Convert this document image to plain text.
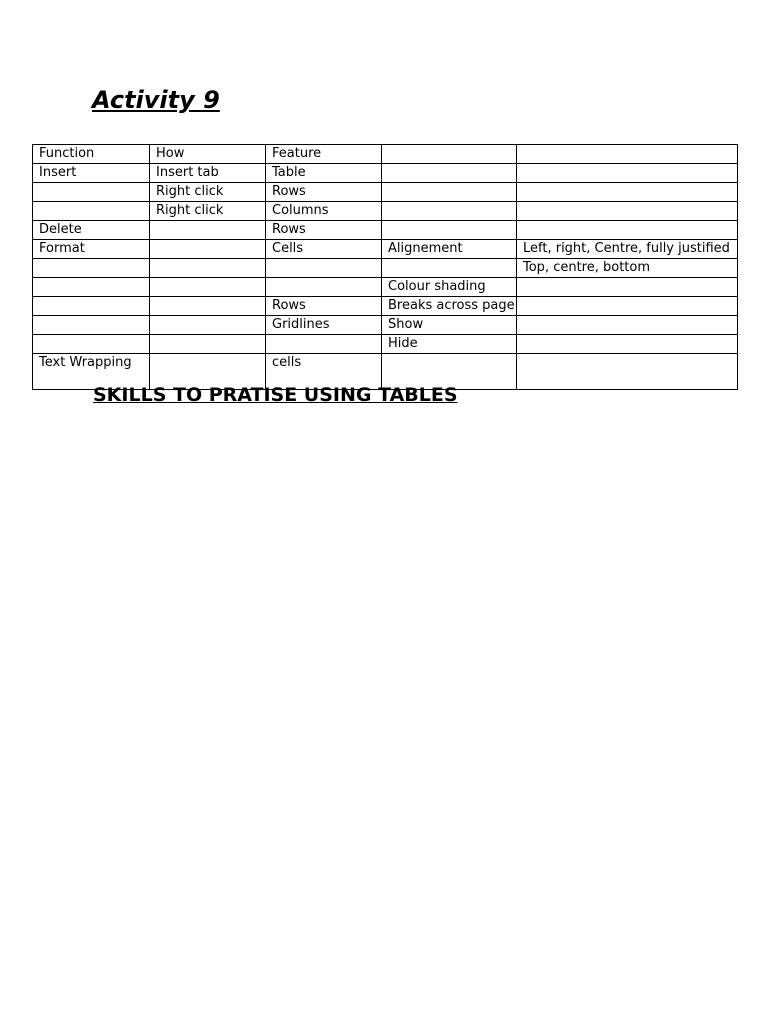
Activity 9
Function	How	Feature		
Insert	Insert tab	Table		
	Right click	Rows		
	Right click	Columns		
Delete		Rows		
Format		Cells	Alignement	Left, right, Centre, fully justified
				Top, centre, bottom
			Colour shading	
		Rows	Breaks across page	
		Gridlines	Show	
			Hide	
Text Wrapping		cells		
SKILLS TO PRATISE USING TABLES
